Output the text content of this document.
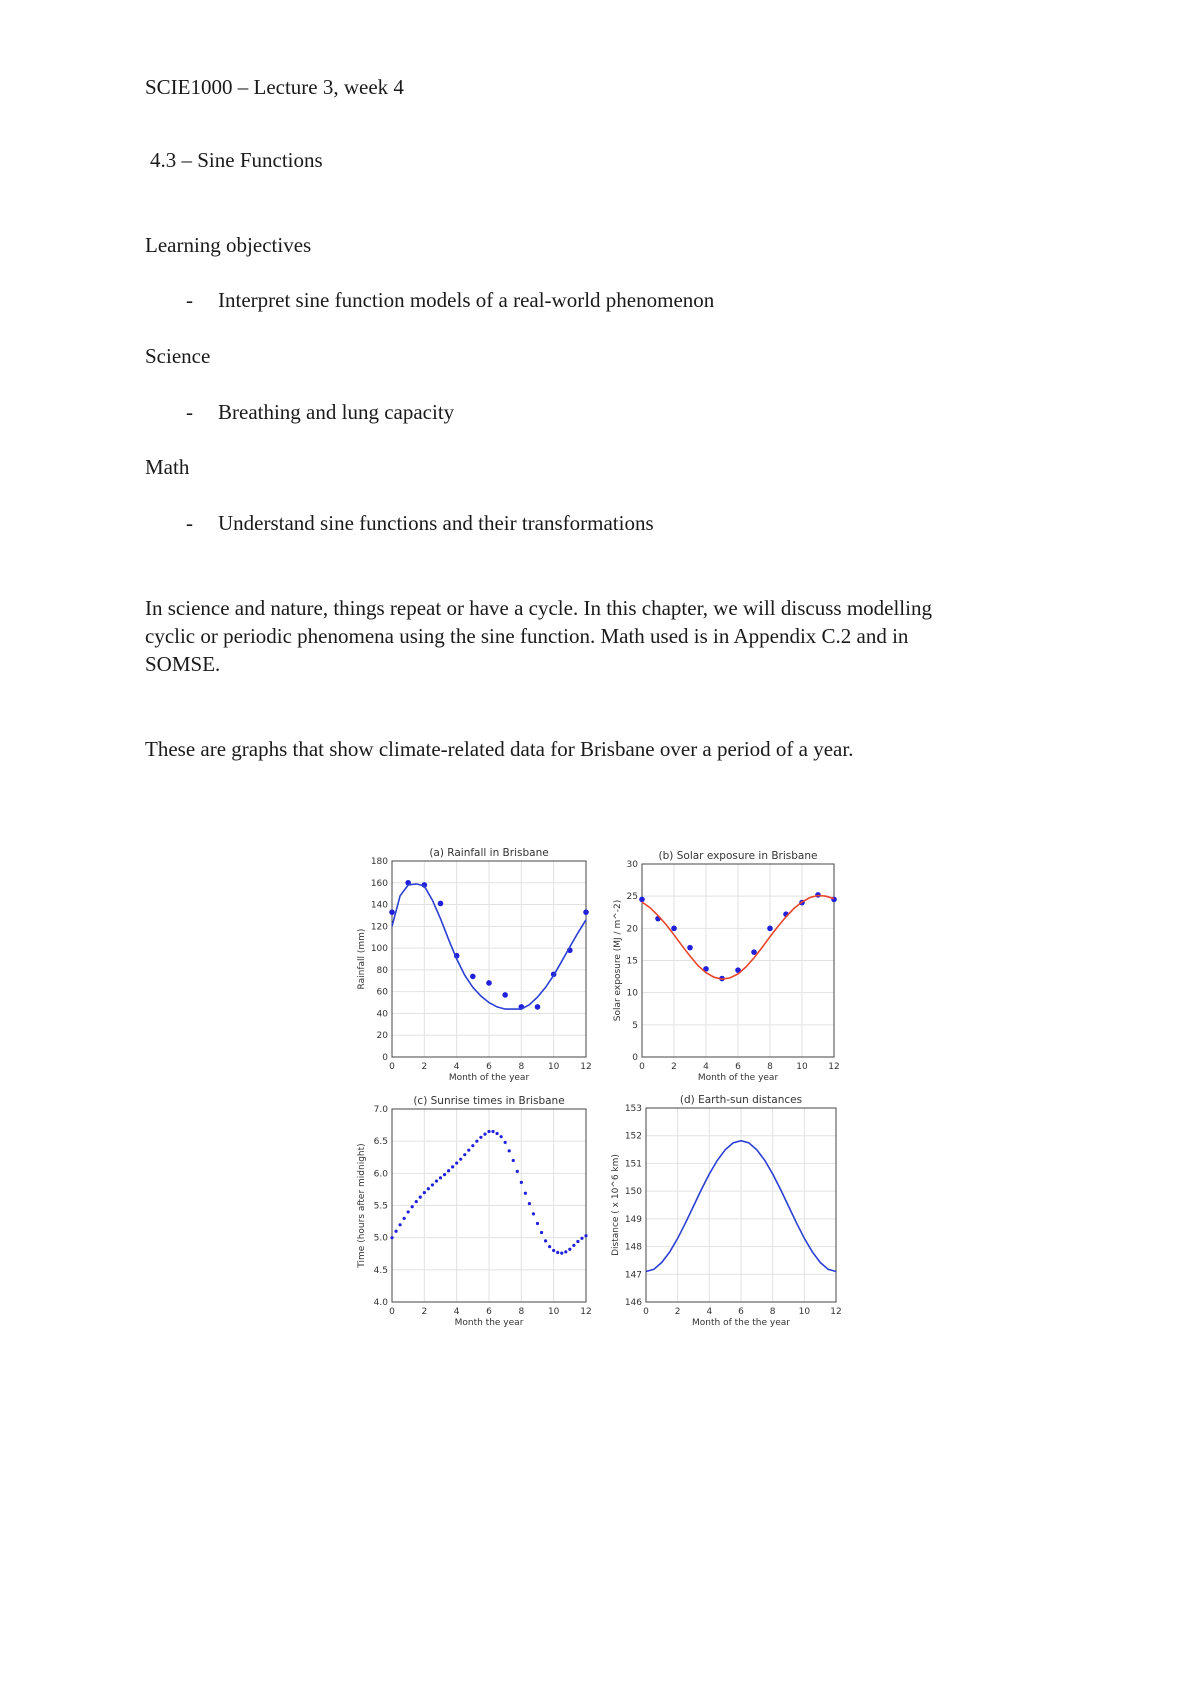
SCIE1000 – Lecture 3, week 4
4.3 – Sine Functions
Learning objectives
- Interpret sine function models of a real-world phenomenon
Science
- Breathing and lung capacity
Math
- Understand sine functions and their transformations
In science and nature, things repeat or have a cycle. In this chapter, we will discuss modelling
cyclic or periodic phenomena using the sine function. Math used is in Appendix C.2 and in
SOMSE.
These are graphs that show climate-related data for Brisbane over a period of a year.
0	2	4	6	8	10 12
0
20
40
60
80
100
120
140
160
180
(a) Rainfall in Brisbane
Month of the year
Rainfall (mm)
0	2	4	6	8	10 12
0
5
10
15
20
25
30
(b) Solar exposure in Brisbane
Month of the year
Solar exposure (MJ / m^-2)
0	2	4	6	8	10 12
4.0
4.5
5.0
5.5
6.0
6.5
7.0
(c) Sunrise times in Brisbane
Month the year
Time (hours after midnight)
0	2	4	6	8	10 12
146
147
148
149
150
151
152
153
(d) Earth-sun distances
Month of the the year
Distance ( x 10^6 km)
